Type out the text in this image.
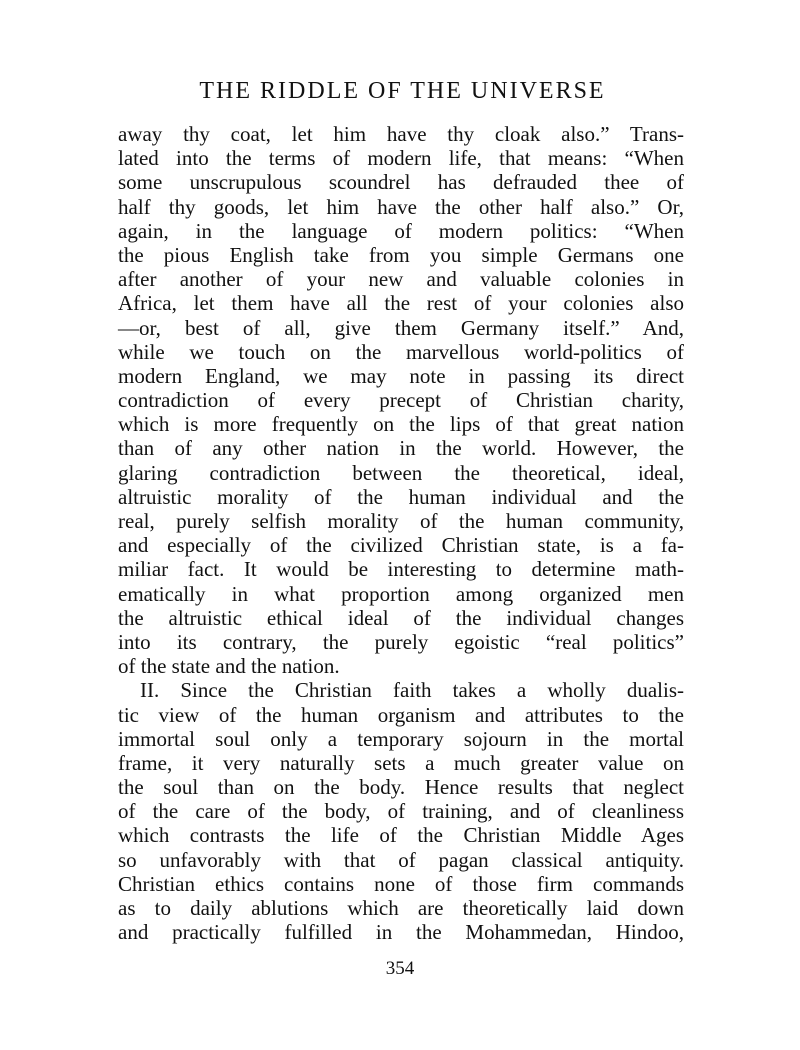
THE RIDDLE OF THE UNIVERSE
away thy coat, let him have thy cloak also.” Trans-
lated into the terms of modern life, that means: “When
some unscrupulous scoundrel has defrauded thee of
half thy goods, let him have the other half also.” Or,
again, in the language of modern politics: “When
the pious English take from you simple Germans one
after another of your new and valuable colonies in
Africa, let them have all the rest of your colonies also
—or, best of all, give them Germany itself.” And,
while we touch on the marvellous world-politics of
modern England, we may note in passing its direct
contradiction of every precept of Christian charity,
which is more frequently on the lips of that great nation
than of any other nation in the world. However, the
glaring contradiction between the theoretical, ideal,
altruistic morality of the human individual and the
real, purely selfish morality of the human community,
and especially of the civilized Christian state, is a fa-
miliar fact. It would be interesting to determine math-
ematically in what proportion among organized men
the altruistic ethical ideal of the individual changes
into its contrary, the purely egoistic “real politics”
of the state and the nation.
II. Since the Christian faith takes a wholly dualis-
tic view of the human organism and attributes to the
immortal soul only a temporary sojourn in the mortal
frame, it very naturally sets a much greater value on
the soul than on the body. Hence results that neglect
of the care of the body, of training, and of cleanliness
which contrasts the life of the Christian Middle Ages
so unfavorably with that of pagan classical antiquity.
Christian ethics contains none of those firm commands
as to daily ablutions which are theoretically laid down
and practically fulfilled in the Mohammedan, Hindoo,
354
